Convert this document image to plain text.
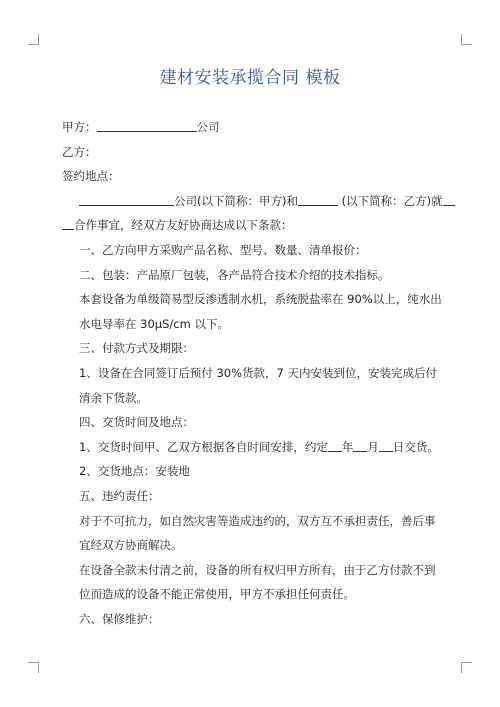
建材安装承揽合同 模板
甲方：	公司
乙方：
签约地点：
公司(以下简称：甲方)和	(以下简称：乙方)就
合作事宜，经双方友好协商达成以下条款：
一、乙方向甲方采购产品名称、型号、数量、清单报价：
二、包装：产品原厂包装，各产品符合技术介绍的技术指标。
本套设备为单级简易型反渗透制水机，系统脱盐率在 90%以上，纯水出水电导率在 30μS/cm 以下。
三、付款方式及期限：
1、设备在合同签订后预付 30%货款，7 天内安装到位，安装完成后付清余下货款。
四、交货时间及地点：
1、交货时间甲、乙双方根据各自时间安排，约定 年 月 日交货。
2、交货地点：安装地
五、违约责任：
对于不可抗力，如自然灾害等造成违约的，双方互不承担责任，善后事宜经双方协商解决。
在设备全款未付清之前，设备的所有权归甲方所有，由于乙方付款不到位而造成的设备不能正常使用，甲方不承担任何责任。
六、保修维护：
